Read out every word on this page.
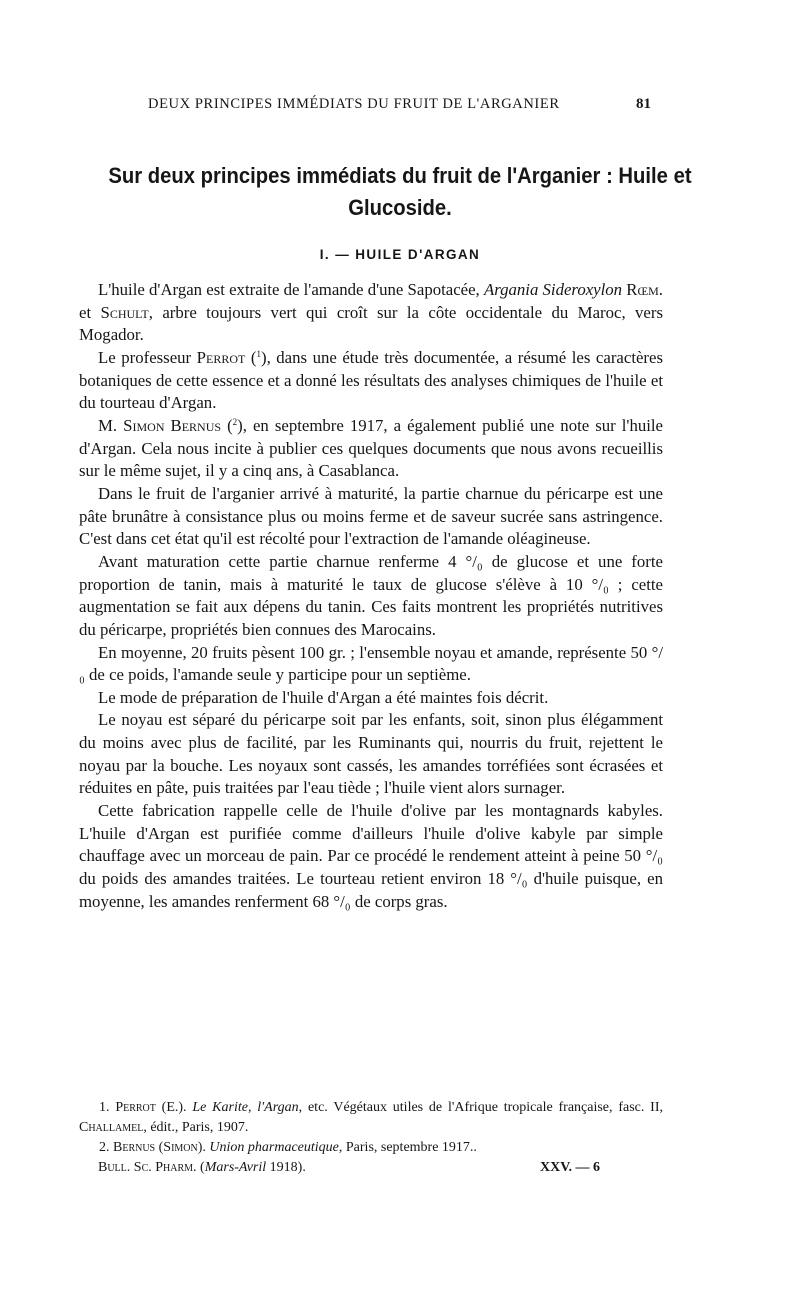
DEUX PRINCIPES IMMÉDIATS DU FRUIT DE L'ARGANIER	81
Sur deux principes immédiats du fruit de l'Arganier : Huile et Glucoside.
I. — HUILE D'ARGAN

L'huile d'Argan est extraite de l'amande d'une Sapotacée, Argania Sideroxylon Rœm. et Schult, arbre toujours vert qui croît sur la côte occidentale du Maroc, vers Mogador.

Le professeur Perrot ($^1$), dans une étude très documentée, a résumé les caractères botaniques de cette essence et a donné les résultats des analyses chimiques de l'huile et du tourteau d'Argan.

M. Simon Bernus ($^2$), en septembre 1917, a également publié une note sur l'huile d'Argan. Cela nous incite à publier ces quelques documents que nous avons recueillis sur le même sujet, il y a cinq ans, à Casablanca.

Dans le fruit de l'arganier arrivé à maturité, la partie charnue du péricarpe est une pâte brunâtre à consistance plus ou moins ferme et de saveur sucrée sans astringence. C'est dans cet état qu'il est récolté pour l'extraction de l'amande oléagineuse.

Avant maturation cette partie charnue renferme 4 °/₀ de glucose et une forte proportion de tanin, mais à maturité le taux de glucose s'élève à 10 °/₀ ; cette augmentation se fait aux dépens du tanin. Ces faits montrent les propriétés nutritives du péricarpe, propriétés bien connues des Marocains.

En moyenne, 20 fruits pèsent 100 gr. ; l'ensemble noyau et amande, représente 50 °/₀ de ce poids, l'amande seule y participe pour un septième.

Le mode de préparation de l'huile d'Argan a été maintes fois décrit.

Le noyau est séparé du péricarpe soit par les enfants, soit, sinon plus élégamment du moins avec plus de facilité, par les Ruminants qui, nourris du fruit, rejettent le noyau par la bouche. Les noyaux sont cassés, les amandes torréfiées sont écrasées et réduites en pâte, puis traitées par l'eau tiède ; l'huile vient alors surnager.

Cette fabrication rappelle celle de l'huile d'olive par les montagnards kabyles. L'huile d'Argan est purifiée comme d'ailleurs l'huile d'olive kabyle par simple chauffage avec un morceau de pain. Par ce procédé le rendement atteint à peine 50 °/₀ du poids des amandes traitées. Le tourteau retient environ 18 °/₀ d'huile puisque, en moyenne, les amandes renferment 68 °/₀ de corps gras.

1. Perrot (E.). Le Karite, l'Argan, etc. Végétaux utiles de l'Afrique tropicale française, fasc. II, Challamel, édit., Paris, 1907.

2. Bernus (Simon). Union pharmaceutique, Paris, septembre 1917..

Bull. Sc. Pharm. (Mars-Avril 1918).	XXV. — 6
